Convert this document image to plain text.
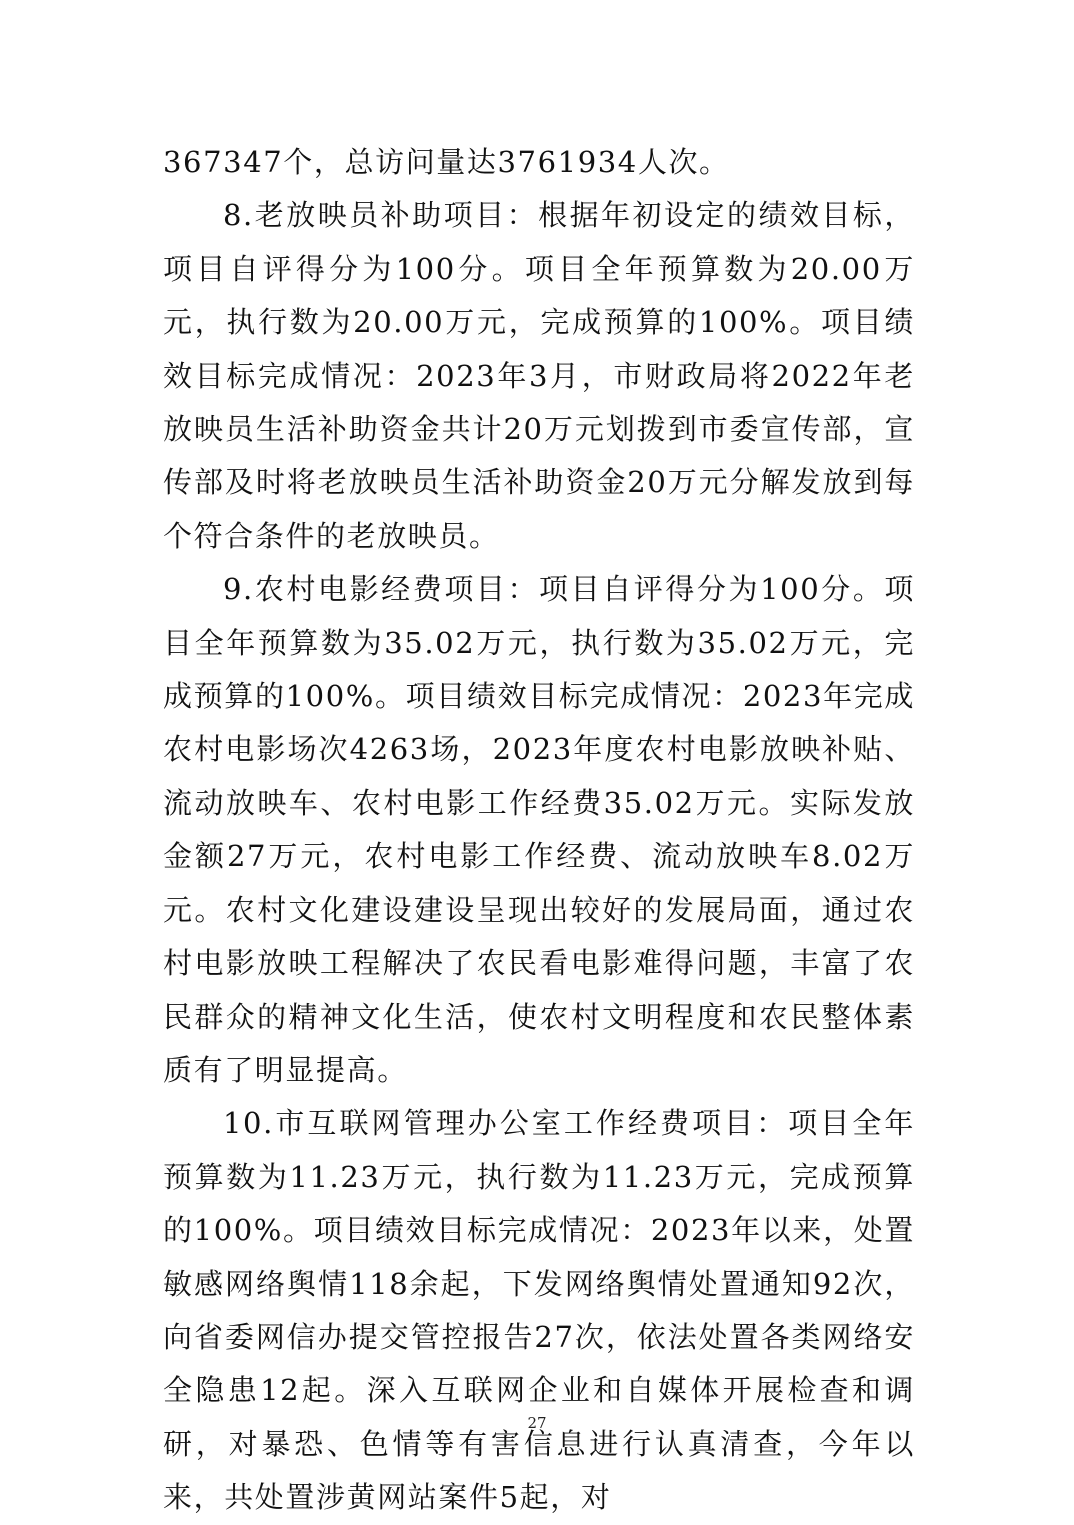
367347个，总访问量达3761934人次。

8.老放映员补助项目：根据年初设定的绩效目标，项目自评得分为100分。项目全年预算数为20.00万元，执行数为20.00万元，完成预算的100%。项目绩效目标完成情况：2023年3月，市财政局将2022年老放映员生活补助资金共计20万元划拨到市委宣传部，宣传部及时将老放映员生活补助资金20万元分解发放到每个符合条件的老放映员。

9.农村电影经费项目：项目自评得分为100分。项目全年预算数为35.02万元，执行数为35.02万元，完成预算的100%。项目绩效目标完成情况：2023年完成农村电影场次4263场，2023年度农村电影放映补贴、流动放映车、农村电影工作经费35.02万元。实际发放金额27万元，农村电影工作经费、流动放映车8.02万元。农村文化建设建设呈现出较好的发展局面，通过农村电影放映工程解决了农民看电影难得问题，丰富了农民群众的精神文化生活，使农村文明程度和农民整体素质有了明显提高。

10.市互联网管理办公室工作经费项目：项目全年预算数为11.23万元，执行数为11.23万元，完成预算的100%。项目绩效目标完成情况：2023年以来，处置敏感网络舆情118余起，下发网络舆情处置通知92次，向省委网信办提交管控报告27次，依法处置各类网络安全隐患12起。深入互联网企业和自媒体开展检查和调研，对暴恐、色情等有害信息进行认真清查，今年以来，共处置涉黄网站案件5起，对

27
